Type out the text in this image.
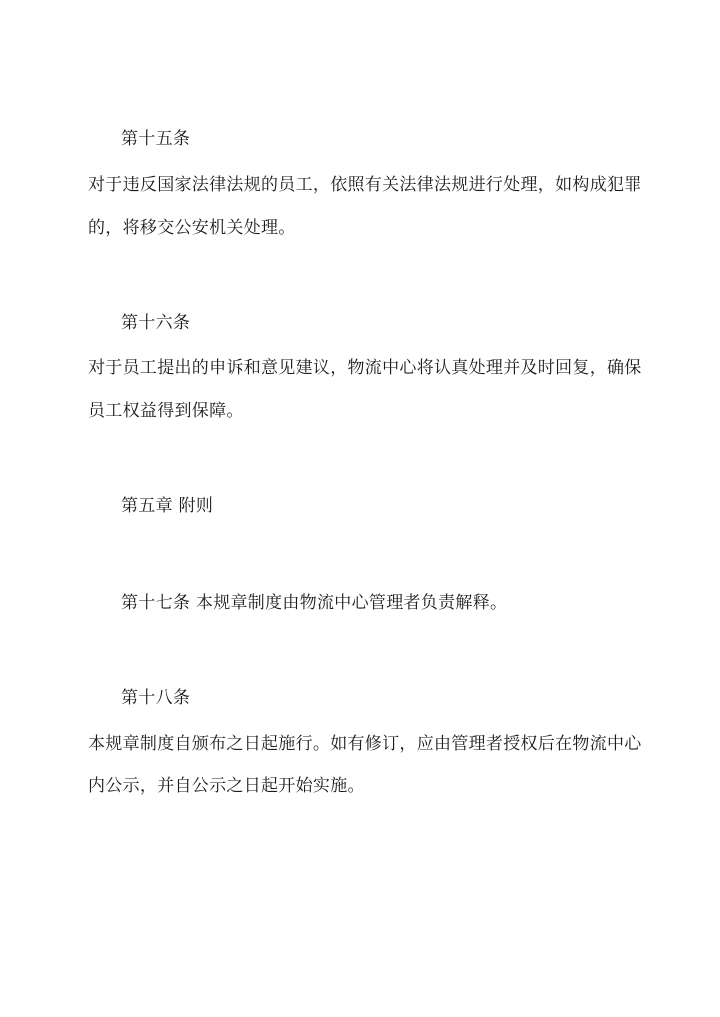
第十五条
对于违反国家法律法规的员工，依照有关法律法规进行处理，如构成犯罪
的，将移交公安机关处理。
第十六条
对于员工提出的申诉和意见建议，物流中心将认真处理并及时回复，确保
员工权益得到保障。
第五章 附则
第十七条 本规章制度由物流中心管理者负责解释。
第十八条
本规章制度自颁布之日起施行。如有修订，应由管理者授权后在物流中心
内公示，并自公示之日起开始实施。
